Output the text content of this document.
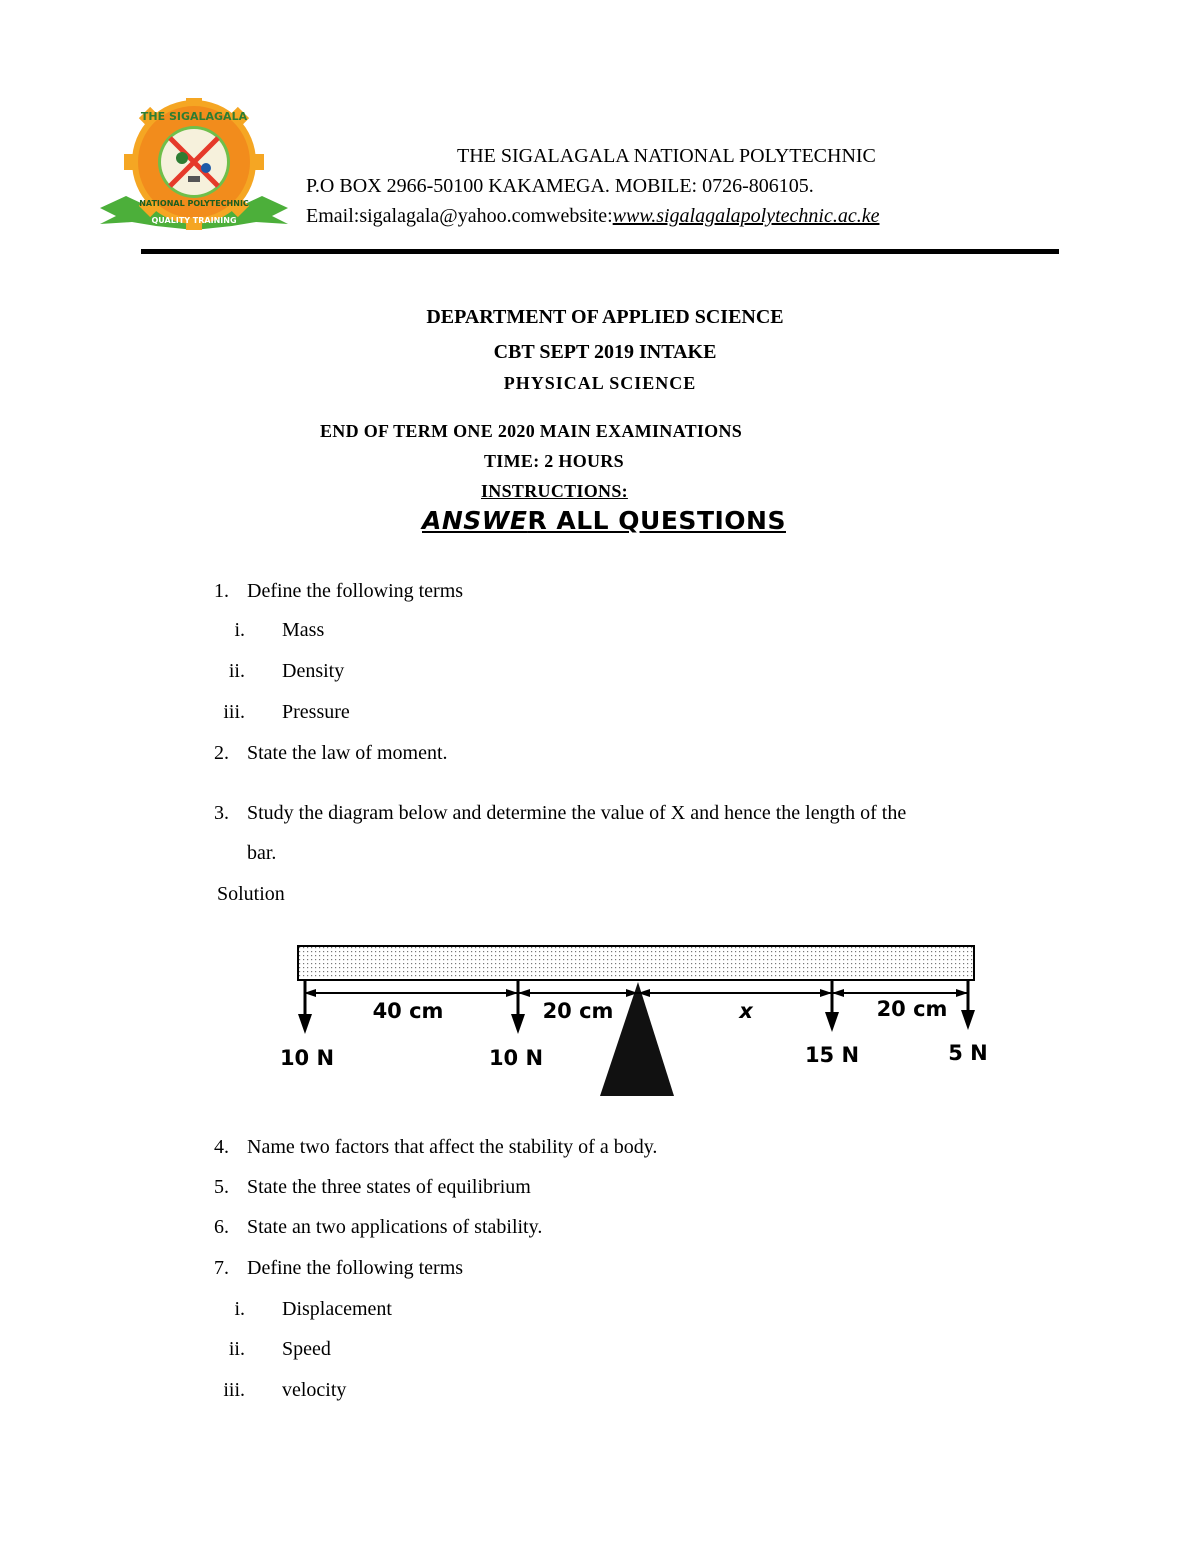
THE SIGALAGALA
NATIONAL POLYTECHNIC
QUALITY TRAINING
THE SIGALAGALA NATIONAL POLYTECHNIC
P.O BOX 2966-50100 KAKAMEGA. MOBILE: 0726-806105.
Email:sigalagala@yahoo.comwebsite:www.sigalagalapolytechnic.ac.ke
DEPARTMENT OF APPLIED SCIENCE
CBT SEPT 2019 INTAKE
PHYSICAL SCIENCE
END OF TERM ONE 2020 MAIN EXAMINATIONS
TIME: 2 HOURS
INSTRUCTIONS:
ANSWER ALL QUESTIONS
1. Define the following terms
i. Mass
ii. Density
iii. Pressure
2. State the law of moment.
3. Study the diagram below and determine the value of X and hence the length of the
bar.
Solution
40 cm	20 cm	x	20 cm
10 N	10 N	15 N	5 N
4. Name two factors that affect the stability of a body.
5. State the three states of equilibrium
6. State an two applications of stability.
7. Define the following terms
i. Displacement
ii. Speed
iii. velocity
